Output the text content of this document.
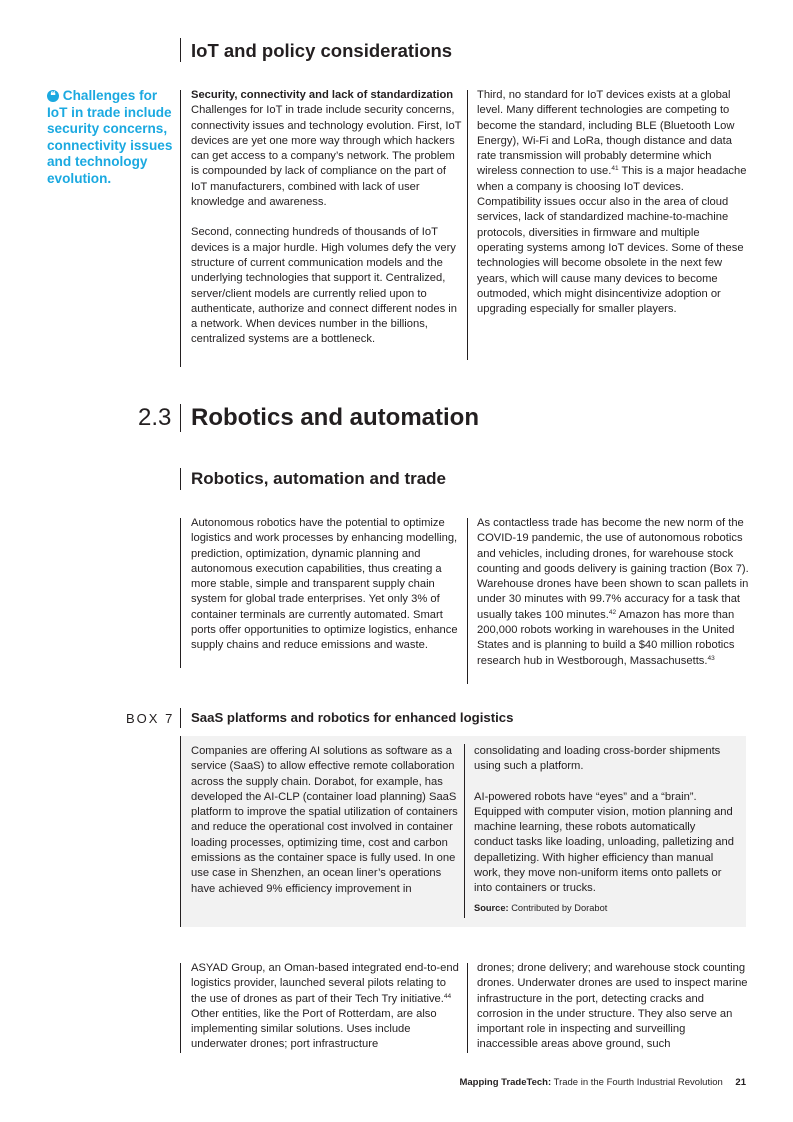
IoT and policy considerations
❝ Challenges for IoT in trade include security concerns, connectivity issues and technology evolution.
Security, connectivity and lack of standardization

Challenges for IoT in trade include security concerns, connectivity issues and technology evolution. First, IoT devices are yet one more way through which hackers can get access to a company’s network. The problem is compounded by lack of compliance on the part of IoT manufacturers, combined with lack of user knowledge and awareness.

Second, connecting hundreds of thousands of IoT devices is a major hurdle. High volumes defy the very structure of current communication models and the underlying technologies that support it. Centralized, server/client models are currently relied upon to authenticate, authorize and connect different nodes in a network. When devices number in the billions, centralized systems are a bottleneck.

Third, no standard for IoT devices exists at a global level. Many different technologies are competing to become the standard, including BLE (Bluetooth Low Energy), Wi-Fi and LoRa, though distance and data rate transmission will probably determine which wireless connection to use.$^{41}$ This is a major headache when a company is choosing IoT devices. Compatibility issues occur also in the area of cloud services, lack of standardized machine-to-machine protocols, diversities in firmware and multiple operating systems among IoT devices. Some of these technologies will become obsolete in the next few years, which will cause many devices to become outmoded, which might disincentivize adoption or upgrading especially for smaller players.

2.3 Robotics and automation
Robotics, automation and trade

Autonomous robotics have the potential to optimize logistics and work processes by enhancing modelling, prediction, optimization, dynamic planning and autonomous execution capabilities, thus creating a more stable, simple and transparent supply chain system for global trade enterprises. Yet only 3% of container terminals are currently automated. Smart ports offer opportunities to optimize logistics, enhance supply chains and reduce emissions and waste.

As contactless trade has become the new norm of the COVID-19 pandemic, the use of autonomous robotics and vehicles, including drones, for warehouse stock counting and goods delivery is gaining traction (Box 7). Warehouse drones have been shown to scan pallets in under 30 minutes with 99.7% accuracy for a task that usually takes 100 minutes.$^{42}$ Amazon has more than 200,000 robots working in warehouses in the United States and is planning to build a $40 million robotics research hub in Westborough, Massachusetts.$^{43}$

BOX 7 SaaS platforms and robotics for enhanced logistics

Companies are offering AI solutions as software as a service (SaaS) to allow effective remote collaboration across the supply chain. Dorabot, for example, has developed the AI-CLP (container load planning) SaaS platform to improve the spatial utilization of containers and reduce the operational cost involved in container loading processes, optimizing time, cost and carbon emissions as the container space is fully used. In one use case in Shenzhen, an ocean liner’s operations have achieved 9% efficiency improvement in

consolidating and loading cross-border shipments using such a platform.

AI-powered robots have “eyes” and a “brain”. Equipped with computer vision, motion planning and machine learning, these robots automatically conduct tasks like loading, unloading, palletizing and depalletizing. With higher efficiency than manual work, they move non-uniform items onto pallets or into containers or trucks.

Source: Contributed by Dorabot

ASYAD Group, an Oman-based integrated end-to-end logistics provider, launched several pilots relating to the use of drones as part of their Tech Try initiative.$^{44}$ Other entities, like the Port of Rotterdam, are also implementing similar solutions. Uses include underwater drones; port infrastructure

drones; drone delivery; and warehouse stock counting drones. Underwater drones are used to inspect marine infrastructure in the port, detecting cracks and corrosion in the under structure. They also serve an important role in inspecting and surveilling inaccessible areas above ground, such

Mapping TradeTech: Trade in the Fourth Industrial Revolution 21
